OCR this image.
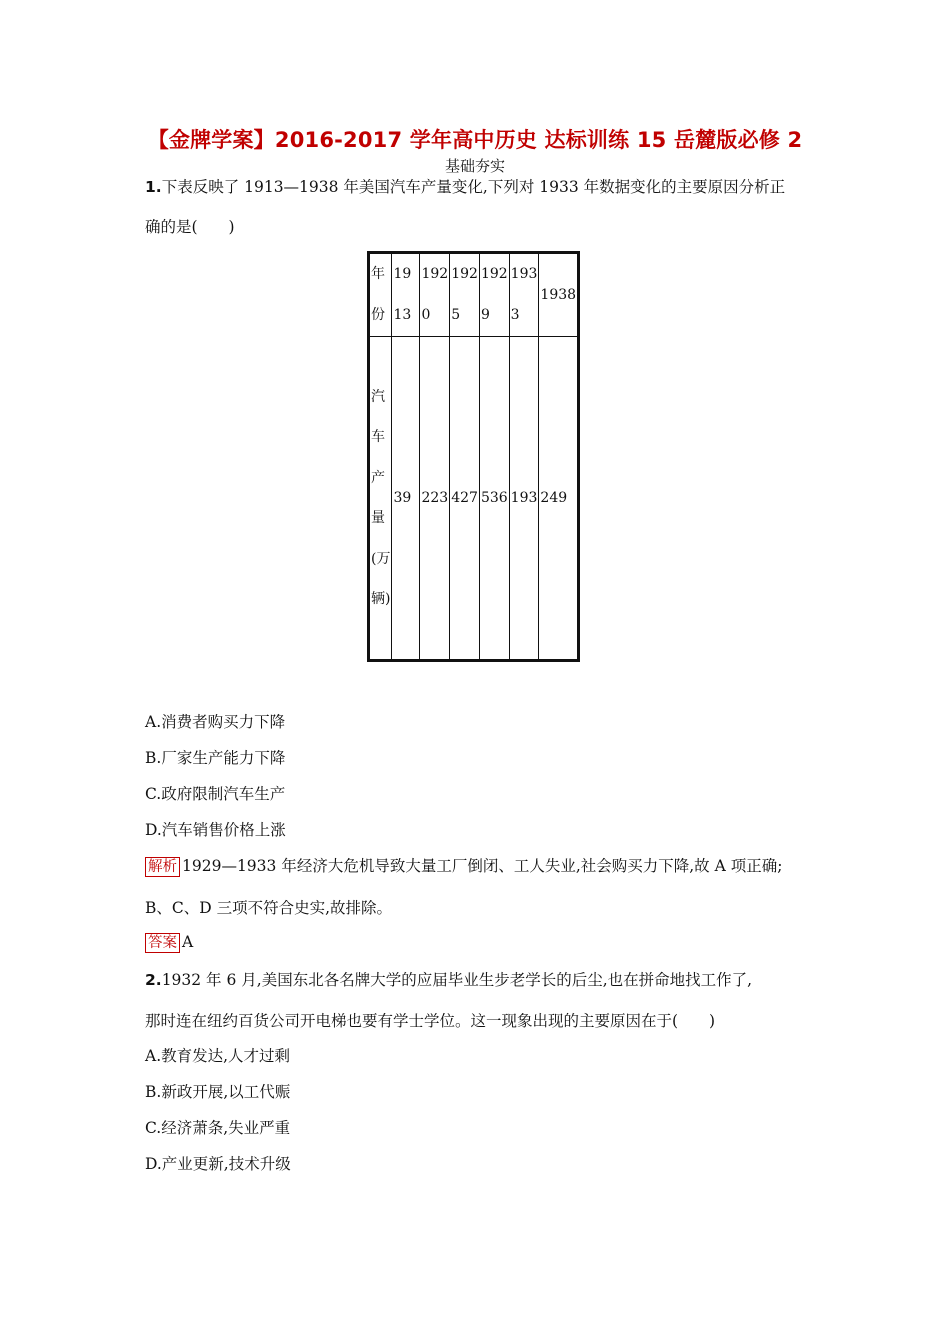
【金牌学案】2016-2017 学年高中历史 达标训练 15 岳麓版必修 2
基础夯实
1.下表反映了 1913—1938 年美国汽车产量变化,下列对 1933 年数据变化的主要原因分析正
确的是(　　)
年份	1913	1920	1925	1929	1933	1938
汽车产量(万辆)	39	223	427	536	193	249
A.消费者购买力下降
B.厂家生产能力下降
C.政府限制汽车生产
D.汽车销售价格上涨
解析 1929—1933 年经济大危机导致大量工厂倒闭、工人失业,社会购买力下降,故 A 项正确;
B、C、D 三项不符合史实,故排除。
答案 A
2.1932 年 6 月,美国东北各名牌大学的应届毕业生步老学长的后尘,也在拼命地找工作了,
那时连在纽约百货公司开电梯也要有学士学位。这一现象出现的主要原因在于(　　)
A.教育发达,人才过剩
B.新政开展,以工代赈
C.经济萧条,失业严重
D.产业更新,技术升级
